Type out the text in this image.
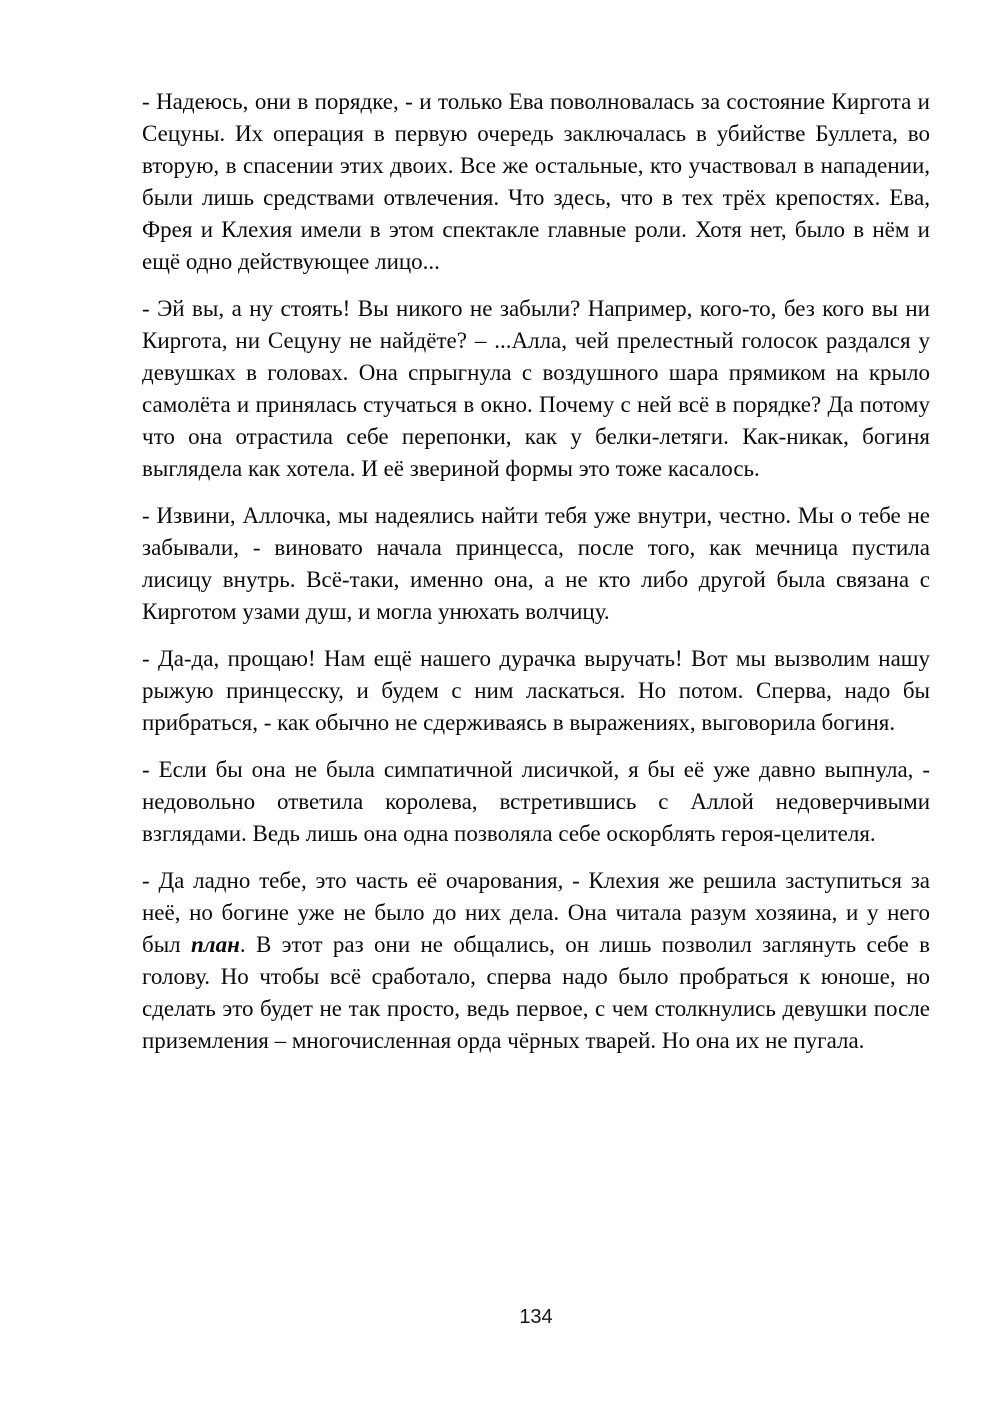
- Надеюсь, они в порядке, - и только Ева поволновалась за состояние Киргота и Сецуны. Их операция в первую очередь заключалась в убийстве Буллета, во вторую, в спасении этих двоих. Все же остальные, кто участвовал в нападении, были лишь средствами отвлечения. Что здесь, что в тех трёх крепостях. Ева, Фрея и Клехия имели в этом спектакле главные роли. Хотя нет, было в нём и ещё одно действующее лицо...

- Эй вы, а ну стоять! Вы никого не забыли? Например, кого-то, без кого вы ни Киргота, ни Сецуну не найдёте? – ...Алла, чей прелестный голосок раздался у девушках в головах. Она спрыгнула с воздушного шара прямиком на крыло самолёта и принялась стучаться в окно. Почему с ней всё в порядке? Да потому что она отрастила себе перепонки, как у белки-летяги. Как-никак, богиня выглядела как хотела. И её звериной формы это тоже касалось.

- Извини, Аллочка, мы надеялись найти тебя уже внутри, честно. Мы о тебе не забывали, - виновато начала принцесса, после того, как мечница пустила лисицу внутрь. Всё-таки, именно она, а не кто либо другой была связана с Кирготом узами душ, и могла унюхать волчицу.

- Да-да, прощаю! Нам ещё нашего дурачка выручать! Вот мы вызволим нашу рыжую принцесску, и будем с ним ласкаться. Но потом. Сперва, надо бы прибраться, - как обычно не сдерживаясь в выражениях, выговорила богиня.

- Если бы она не была симпатичной лисичкой, я бы её уже давно выпнула, - недовольно ответила королева, встретившись с Аллой недоверчивыми взглядами. Ведь лишь она одна позволяла себе оскорблять героя-целителя.

- Да ладно тебе, это часть её очарования, - Клехия же решила заступиться за неё, но богине уже не было до них дела. Она читала разум хозяина, и у него был план. В этот раз они не общались, он лишь позволил заглянуть себе в голову. Но чтобы всё сработало, сперва надо было пробраться к юноше, но сделать это будет не так просто, ведь первое, с чем столкнулись девушки после приземления – многочисленная орда чёрных тварей. Но она их не пугала.

134
